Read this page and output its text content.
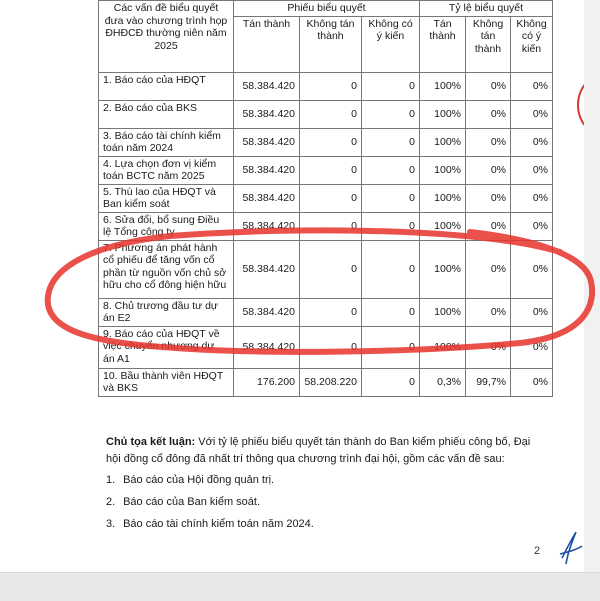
Các vấn đề biểu quyết đưa vào chương trình họp ĐHĐCĐ thường niên năm 2025	Phiếu biểu quyết			Tỷ lệ biểu quyết		
	Tán thành	Không tán thành	Không có ý kiến	Tán thành	Không tán thành	Không có ý kiến
1. Báo cáo của HĐQT	58.384.420	0	0	100%	0%	0%
2. Báo cáo của BKS	58.384.420	0	0	100%	0%	0%
3. Báo cáo tài chính kiểm toán năm 2024	58.384.420	0	0	100%	0%	0%
4. Lựa chọn đơn vị kiểm toán BCTC năm 2025	58.384.420	0	0	100%	0%	0%
5. Thù lao của HĐQT và Ban kiểm soát	58.384.420	0	0	100%	0%	0%
6. Sửa đổi, bổ sung Điều lệ Tổng công ty	58.384.420	0	0	100%	0%	0%
7. Phương án phát hành cổ phiếu để tăng vốn cổ phần từ nguồn vốn chủ sở hữu cho cổ đông hiện hữu	58.384.420	0	0	100%	0%	0%
8. Chủ trương đầu tư dự án E2	58.384.420	0	0	100%	0%	0%
9. Báo cáo của HĐQT về việc chuyển nhượng dự án A1	58.384.420	0	0	100%	0%	0%
10. Bầu thành viên HĐQT và BKS	176.200	58.208.220	0	0,3%	99,7%	0%
Chủ tọa kết luận: Với tỷ lệ phiếu biểu quyết tán thành do Ban kiểm phiếu công bố, Đại hội đồng cổ đông đã nhất trí thông qua chương trình đại hội, gồm các vấn đề sau:
1. Báo cáo của Hội đồng quản trị.
2. Báo cáo của Ban kiểm soát.
3. Báo cáo tài chính kiểm toán năm 2024.
2
